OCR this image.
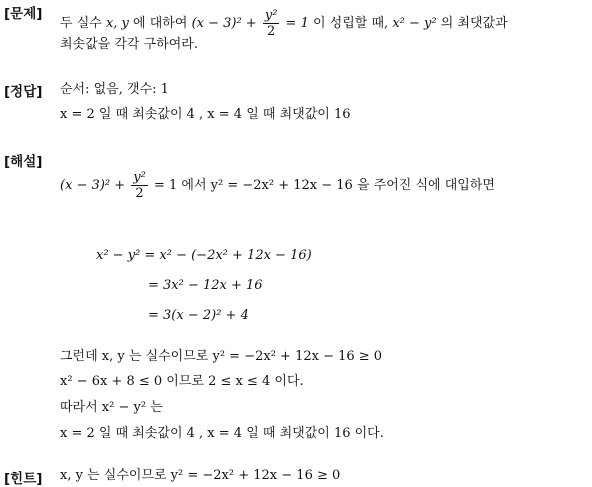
[문제]
두 실수 x, y 에 대하여 $(x - 3)^2 + \frac{\text{y²}}{2} = 1$ 이 성립할 때, x² − y² 의 최댓값과
최솟값을 각각 구하여라.
[정답] 순서: 없음, 갯수: 1
x = 2 일 때 최솟값이 4 , x = 4 일 때 최댓값이 16
[해설]
$(x - 3)^2 + \frac{\text{y²}}{2} = 1$ 에서 y² = −2x² + 12x − 16 을 주어진 식에 대입하면
x² − y² = x² − (−2x² + 12x − 16)
= 3x² − 12x + 16
= 3(x − 2)² + 4
그런데 x, y 는 실수이므로 y² = −2x² + 12x − 16 ≥ 0
x² − 6x + 8 ≤ 0 이므로 2 ≤ x ≤ 4 이다.
따라서 x² − y² 는
x = 2 일 때 최솟값이 4 , x = 4 일 때 최댓값이 16 이다.
[힌트] x, y 는 실수이므로 y² = −2x² + 12x − 16 ≥ 0
